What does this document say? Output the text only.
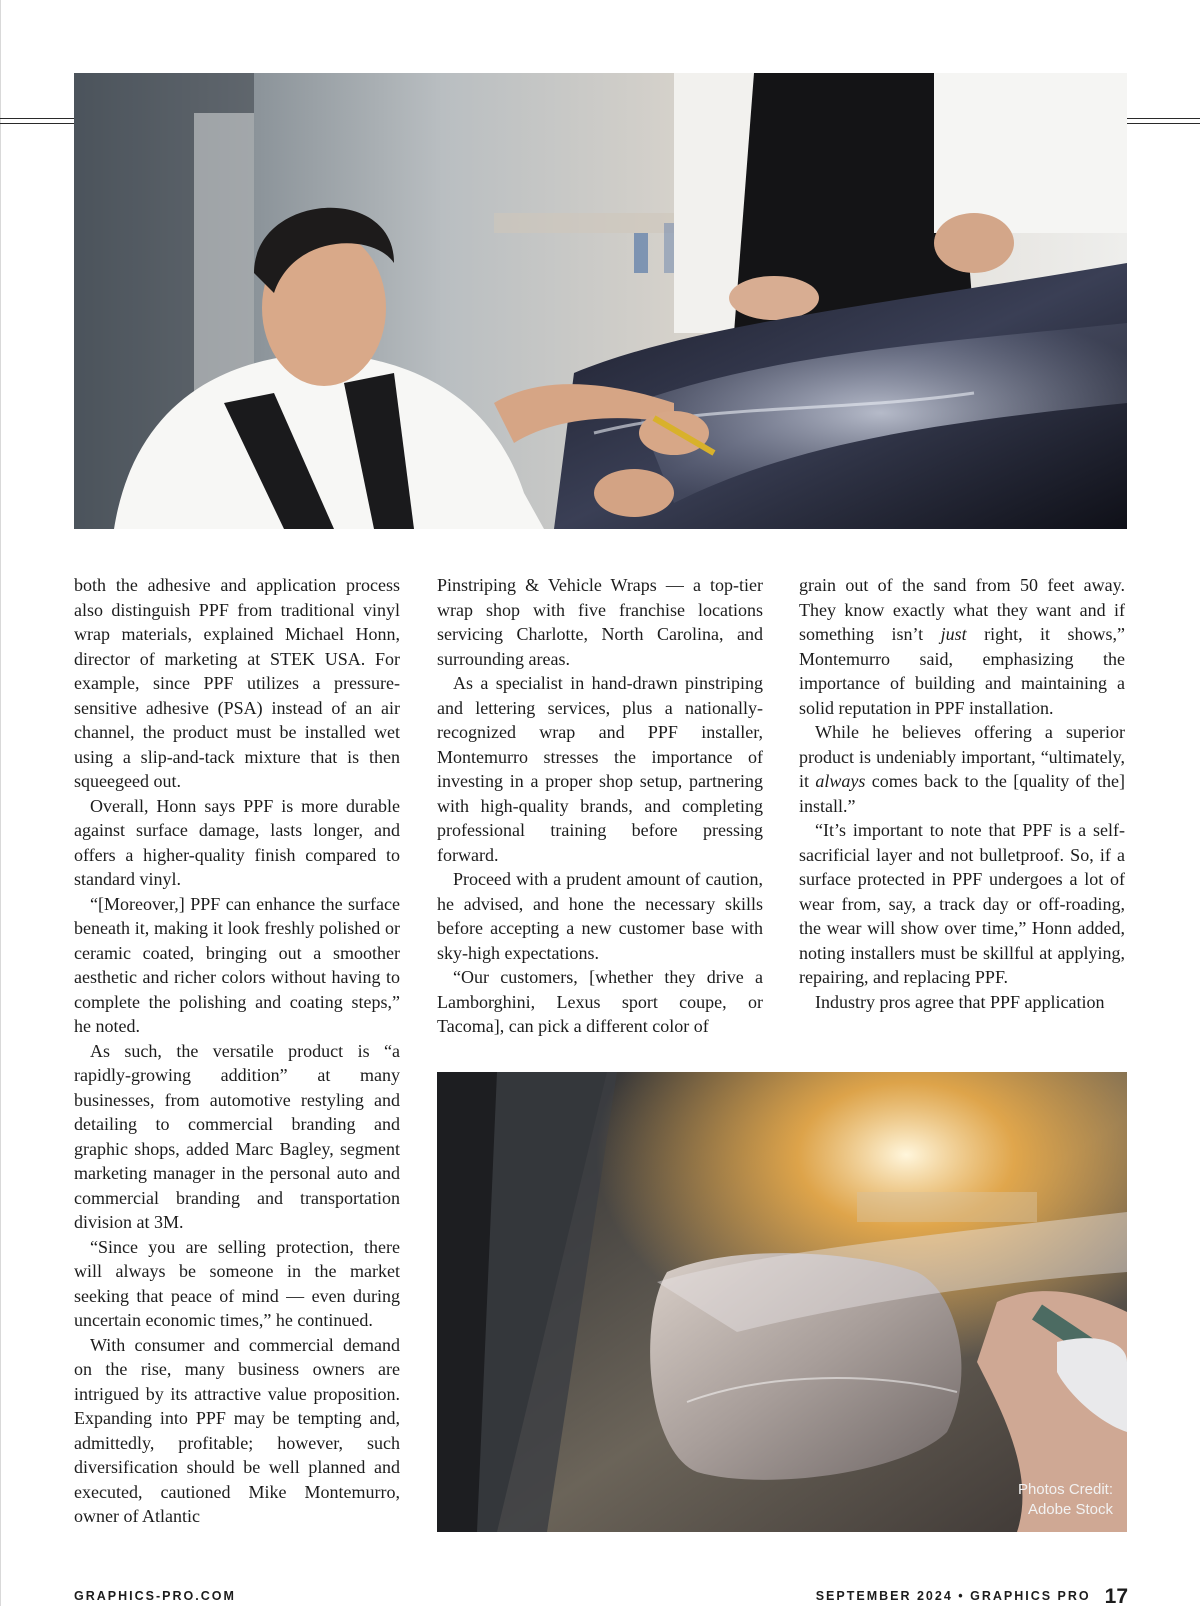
both the adhesive and application process also distinguish PPF from traditional vinyl wrap materials, explained Michael Honn, director of marketing at STEK USA. For example, since PPF utilizes a pressure-sensitive adhesive (PSA) instead of an air channel, the product must be installed wet using a slip-and-tack mixture that is then squeegeed out.

Overall, Honn says PPF is more durable against surface damage, lasts longer, and offers a higher-quality finish compared to standard vinyl.

“[Moreover,] PPF can enhance the surface beneath it, making it look freshly polished or ceramic coated, bringing out a smoother aesthetic and richer colors without having to complete the polishing and coating steps,” he noted.

As such, the versatile product is “a rapidly-growing addition” at many businesses, from automotive restyling and detailing to commercial branding and graphic shops, added Marc Bagley, segment marketing manager in the personal auto and commercial branding and transportation division at 3M.

“Since you are selling protection, there will always be someone in the market seeking that peace of mind — even during uncertain economic times,” he continued.

With consumer and commercial demand on the rise, many business owners are intrigued by its attractive value proposition. Expanding into PPF may be tempting and, admittedly, profitable; however, such diversification should be well planned and executed, cautioned Mike Montemurro, owner of Atlantic

Pinstriping & Vehicle Wraps — a top-tier wrap shop with five franchise locations servicing Charlotte, North Carolina, and surrounding areas.

As a specialist in hand-drawn pinstriping and lettering services, plus a nationally-recognized wrap and PPF installer, Montemurro stresses the importance of investing in a proper shop setup, partnering with high-quality brands, and completing professional training before pressing forward.

Proceed with a prudent amount of caution, he advised, and hone the necessary skills before accepting a new customer base with sky-high expectations.

“Our customers, [whether they drive a Lamborghini, Lexus sport coupe, or Tacoma], can pick a different color of

grain out of the sand from 50 feet away. They know exactly what they want and if something isn’t just right, it shows,” Montemurro said, emphasizing the importance of building and maintaining a solid reputation in PPF installation.

While he believes offering a superior product is undeniably important, “ultimately, it always comes back to the [quality of the] install.”

“It’s important to note that PPF is a self-sacrificial layer and not bulletproof. So, if a surface protected in PPF undergoes a lot of wear from, say, a track day or off-roading, the wear will show over time,” Honn added, noting installers must be skillful at applying, repairing, and replacing PPF.

Industry pros agree that PPF application

Photos Credit:
Adobe Stock
GRAPHICS-PRO.COM	SEPTEMBER 2024 • GRAPHICS PRO 17
